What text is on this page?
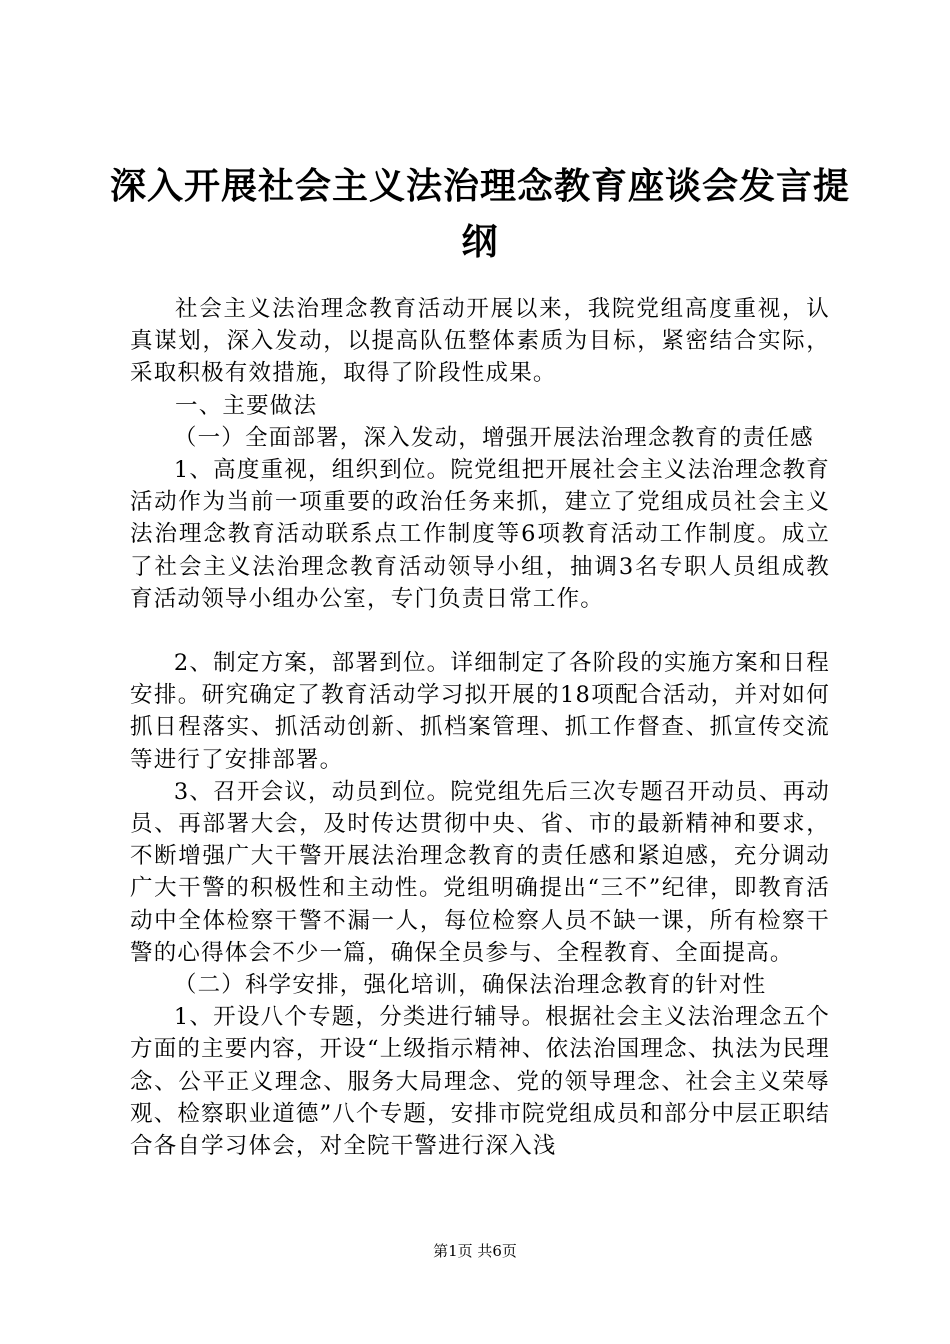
深入开展社会主义法治理念教育座谈会发言提
纲

社会主义法治理念教育活动开展以来，我院党组高度重视，认真谋划，深入发动，以提高队伍整体素质为目标，紧密结合实际，采取积极有效措施，取得了阶段性成果。

一、主要做法

（一）全面部署，深入发动，增强开展法治理念教育的责任感

1、高度重视，组织到位。院党组把开展社会主义法治理念教育活动作为当前一项重要的政治任务来抓，建立了党组成员社会主义法治理念教育活动联系点工作制度等6项教育活动工作制度。成立了社会主义法治理念教育活动领导小组，抽调3名专职人员组成教育活动领导小组办公室，专门负责日常工作。

2、制定方案，部署到位。详细制定了各阶段的实施方案和日程安排。研究确定了教育活动学习拟开展的18项配合活动，并对如何抓日程落实、抓活动创新、抓档案管理、抓工作督查、抓宣传交流等进行了安排部署。

3、召开会议，动员到位。院党组先后三次专题召开动员、再动员、再部署大会，及时传达贯彻中央、省、市的最新精神和要求，不断增强广大干警开展法治理念教育的责任感和紧迫感，充分调动广大干警的积极性和主动性。党组明确提出“三不”纪律，即教育活动中全体检察干警不漏一人，每位检察人员不缺一课，所有检察干警的心得体会不少一篇，确保全员参与、全程教育、全面提高。

（二）科学安排，强化培训，确保法治理念教育的针对性

1、开设八个专题，分类进行辅导。根据社会主义法治理念五个方面的主要内容，开设“上级指示精神、依法治国理念、执法为民理念、公平正义理念、服务大局理念、党的领导理念、社会主义荣辱观、检察职业道德”八个专题，安排市院党组成员和部分中层正职结合各自学习体会，对全院干警进行深入浅

第1页 共6页
